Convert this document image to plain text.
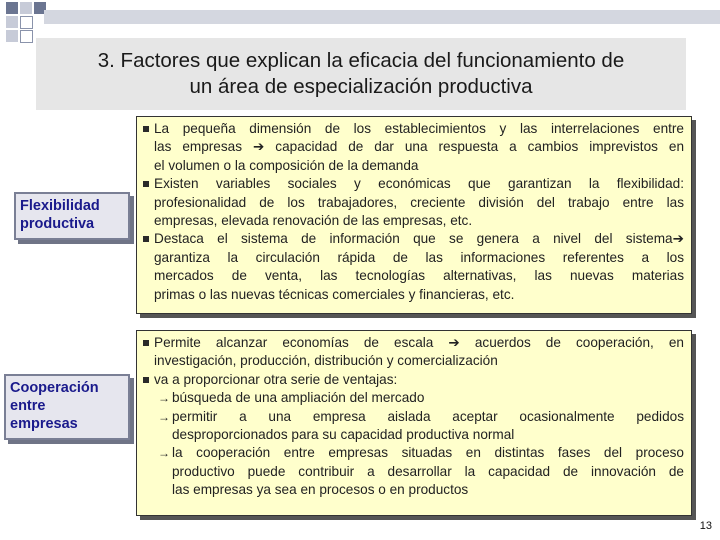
3. Factores que explican la eficacia del funcionamiento de
un área de especialización productiva
Flexibilidad
productiva
La pequeña dimensión de los establecimientos y las interrelaciones entre
las empresas ➔ capacidad de dar una respuesta a cambios imprevistos en
el volumen o la composición de la demanda
Existen variables sociales y económicas que garantizan la flexibilidad:
profesionalidad de los trabajadores, creciente división del trabajo entre las
empresas, elevada renovación de las empresas, etc.
Destaca el sistema de información que se genera a nivel del sistema➔
garantiza la circulación rápida de las informaciones referentes a los
mercados de venta, las tecnologías alternativas, las nuevas materias
primas o las nuevas técnicas comerciales y financieras, etc.
Cooperación
entre
empresas
Permite alcanzar economías de escala ➔ acuerdos de cooperación, en
investigación, producción, distribución y comercialización
va a proporcionar otra serie de ventajas:
→ búsqueda de una ampliación del mercado
→ permitir a una empresa aislada aceptar ocasionalmente pedidos
desproporcionados para su capacidad productiva normal
→ la cooperación entre empresas situadas en distintas fases del proceso
productivo puede contribuir a desarrollar la capacidad de innovación de
las empresas ya sea en procesos o en productos
13
